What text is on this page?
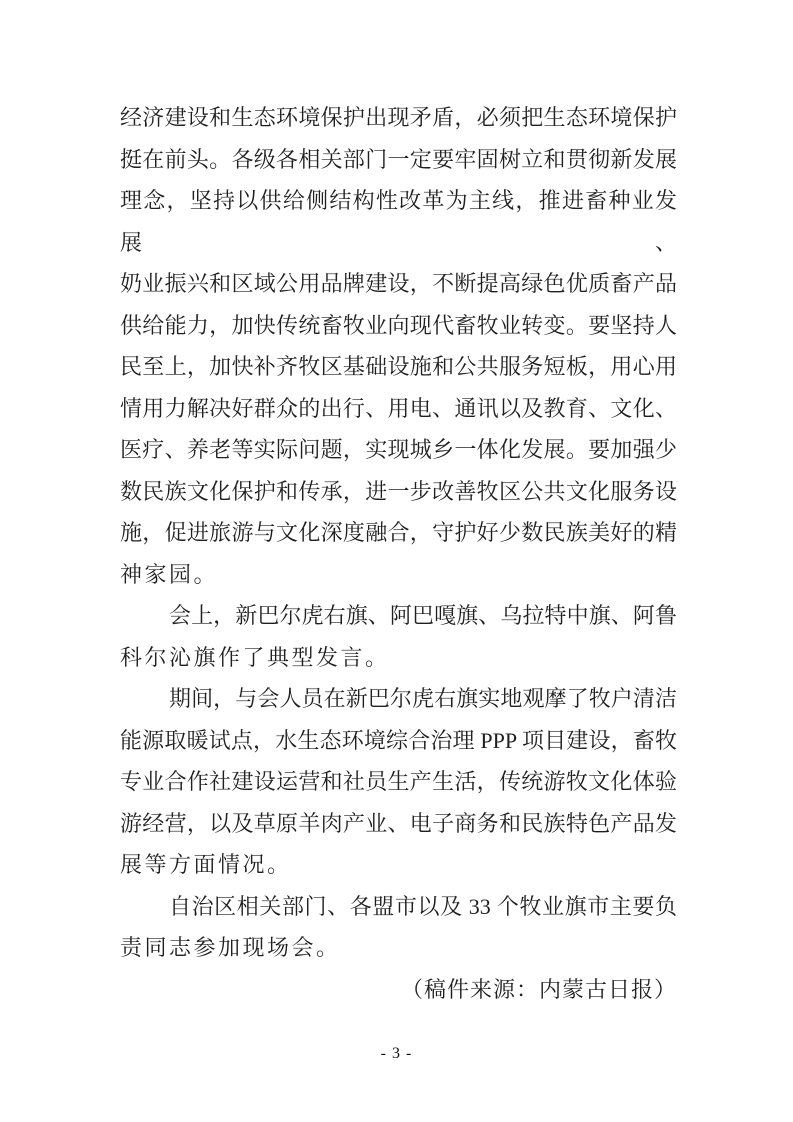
经济建设和生态环境保护出现矛盾，必须把生态环境保护
挺在前头。各级各相关部门一定要牢固树立和贯彻新发展
理念，坚持以供给侧结构性改革为主线，推进畜种业发展、
奶业振兴和区域公用品牌建设，不断提高绿色优质畜产品
供给能力，加快传统畜牧业向现代畜牧业转变。要坚持人
民至上，加快补齐牧区基础设施和公共服务短板，用心用
情用力解决好群众的出行、用电、通讯以及教育、文化、
医疗、养老等实际问题，实现城乡一体化发展。要加强少
数民族文化保护和传承，进一步改善牧区公共文化服务设
施，促进旅游与文化深度融合，守护好少数民族美好的精
神家园。
会上，新巴尔虎右旗、阿巴嘎旗、乌拉特中旗、阿鲁
科尔沁旗作了典型发言。
期间，与会人员在新巴尔虎右旗实地观摩了牧户清洁
能源取暖试点，水生态环境综合治理 PPP 项目建设，畜牧
专业合作社建设运营和社员生产生活，传统游牧文化体验
游经营，以及草原羊肉产业、电子商务和民族特色产品发
展等方面情况。
自治区相关部门、各盟市以及 33 个牧业旗市主要负
责同志参加现场会。
（稿件来源：内蒙古日报）
- 3 -
